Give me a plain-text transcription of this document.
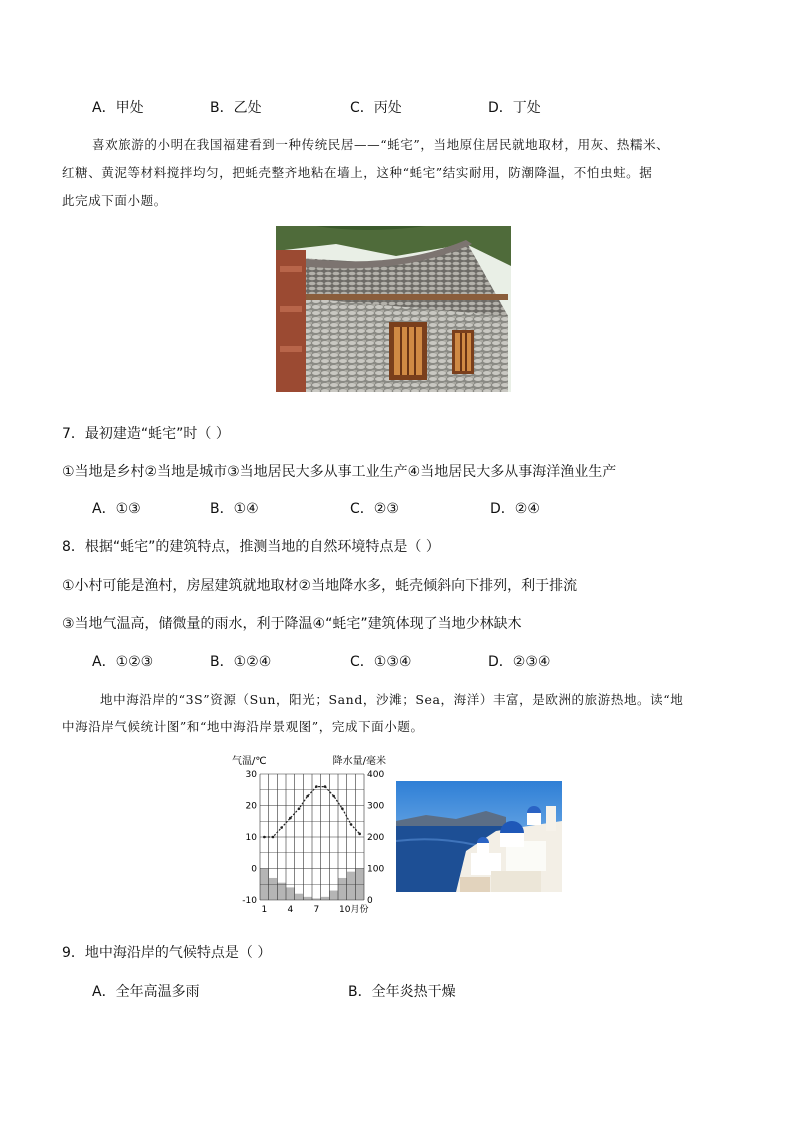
A．甲处	B．乙处	C．丙处	D．丁处
喜欢旅游的小明在我国福建看到一种传统民居——“蚝宅”，当地原住居民就地取材，用灰、热糯米、
红糖、黄泥等材料搅拌均匀，把蚝壳整齐地粘在墙上，这种“蚝宅”结实耐用，防潮降温，不怕虫蛀。据
此完成下面小题。
7．最初建造“蚝宅”时（ ）
①当地是乡村②当地是城市③当地居民大多从事工业生产④当地居民大多从事海洋渔业生产
A．①③	B．①④	C．②③	D．②④
8．根据“蚝宅”的建筑特点，推测当地的自然环境特点是（ ）
①小村可能是渔村，房屋建筑就地取材②当地降水多，蚝壳倾斜向下排列，利于排流
③当地气温高，储微量的雨水，利于降温④“蚝宅”建筑体现了当地少林缺木
A．①②③	B．①②④	C．①③④	D．②③④
地中海沿岸的“3S”资源（Sun，阳光；Sand，沙滩；Sea，海洋）丰富，是欧洲的旅游热地。读“地
中海沿岸气候统计图”和“地中海沿岸景观图”，完成下面小题。
气温/℃	降水量/毫米
30	400
20	300
10	200
0	100
-10	0
1 4 7 10月份
9．地中海沿岸的气候特点是（ ）
A．全年高温多雨	B．全年炎热干燥
